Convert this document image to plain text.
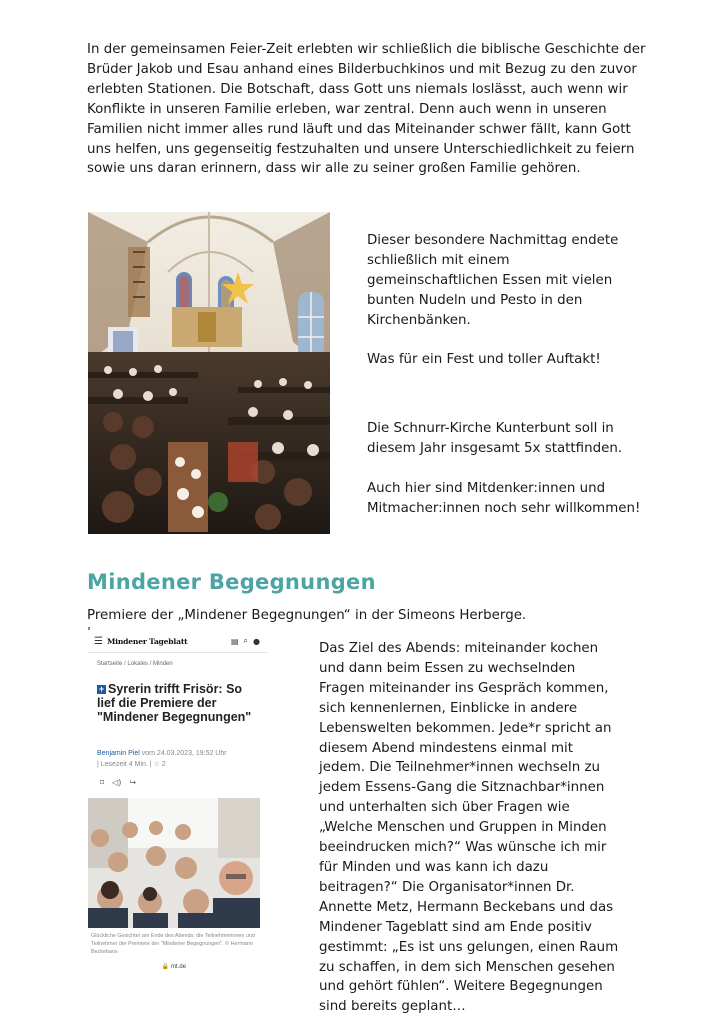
In der gemeinsamen Feier-Zeit erlebten wir schließlich die biblische Geschichte der Brüder Jakob und Esau anhand eines Bilderbuchkinos und mit Bezug zu den zuvor erlebten Stationen. Die Botschaft, dass Gott uns niemals loslässt, auch wenn wir Konflikte in unseren Familie erleben, war zentral. Denn auch wenn in unseren Familien nicht immer alles rund läuft und das Miteinander schwer fällt, kann Gott uns helfen, uns gegenseitig festzuhalten und unsere Unterschiedlichkeit zu feiern sowie uns daran erinnern, dass wir alle zu seiner großen Familie gehören.

Dieser besondere Nachmittag endete schließlich mit einem gemeinschaftlichen Essen mit vielen bunten Nudeln und Pesto in den Kirchenbänken.

Was für ein Fest und toller Auftakt!

Die Schnurr-Kirche Kunterbunt soll in diesem Jahr insgesamt 5x stattfinden.

Auch hier sind Mitdenker:innen und Mitmacher:innen noch sehr willkommen!

Mindener Begegnungen

Premiere der „Mindener Begegnungen“ in der Simeons Herberge.

☰ Mindener Tageblatt	▤ ⌕ ●
Startseite / Lokales / Minden
+ Syrerin trifft Frisör: So lief die Premiere der "Mindener Begegnungen"
Benjamin Piel vom 24.03.2023, 19:52 Uhr
| Lesezeit 4 Min. | ☆ 2
⌑ ◁) ↪
Glückliche Gesichter am Ende des Abends: die Teilnehmerinnen und Teilnehmer der Premiere der "Mindener Begegnungen". © Hermann Beckebans
🔒 mt.de

Das Ziel des Abends: miteinander kochen und dann beim Essen zu wechselnden Fragen miteinander ins Gespräch kommen, sich kennenlernen, Einblicke in andere Lebenswelten bekommen. Jede*r spricht an diesem Abend mindestens einmal mit jedem. Die Teilnehmer*innen wechseln zu jedem Essens-Gang die Sitznachbar*innen und unterhalten sich über Fragen wie „Welche Menschen und Gruppen in Minden beeindrucken mich?“ Was wünsche ich mir für Minden und was kann ich dazu beitragen?“ Die Organisator*innen Dr. Annette Metz, Hermann Beckebans und das Mindener Tageblatt sind am Ende positiv gestimmt: „Es ist uns gelungen, einen Raum zu schaffen, in dem sich Menschen gesehen und gehört fühlen“. Weitere Begegnungen sind bereits geplant…
